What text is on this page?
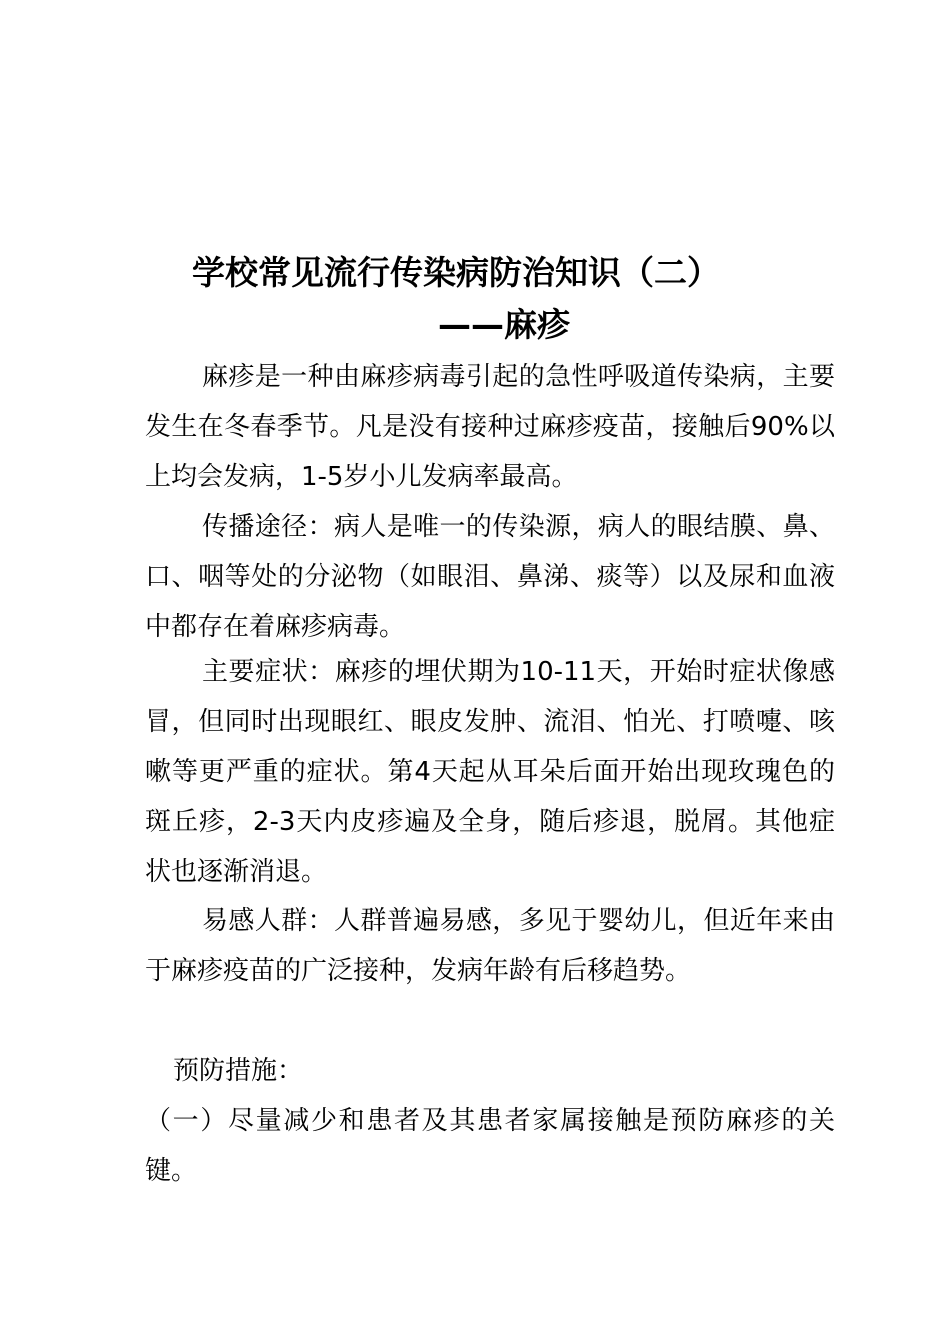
学校常见流行传染病防治知识（二）
——麻疹
麻疹是一种由麻疹病毒引起的急性呼吸道传染病，主要发生在冬春季节。凡是没有接种过麻疹疫苗，接触后90%以上均会发病，1-5岁小儿发病率最高。
传播途径：病人是唯一的传染源，病人的眼结膜、鼻、口、咽等处的分泌物（如眼泪、鼻涕、痰等）以及尿和血液中都存在着麻疹病毒。
主要症状：麻疹的埋伏期为10-11天，开始时症状像感冒，但同时出现眼红、眼皮发肿、流泪、怕光、打喷嚏、咳嗽等更严重的症状。第4天起从耳朵后面开始出现玫瑰色的斑丘疹，2-3天内皮疹遍及全身，随后疹退，脱屑。其他症状也逐渐消退。
易感人群：人群普遍易感，多见于婴幼儿，但近年来由于麻疹疫苗的广泛接种，发病年龄有后移趋势。
预防措施：
（一）尽量减少和患者及其患者家属接触是预防麻疹的关键。
